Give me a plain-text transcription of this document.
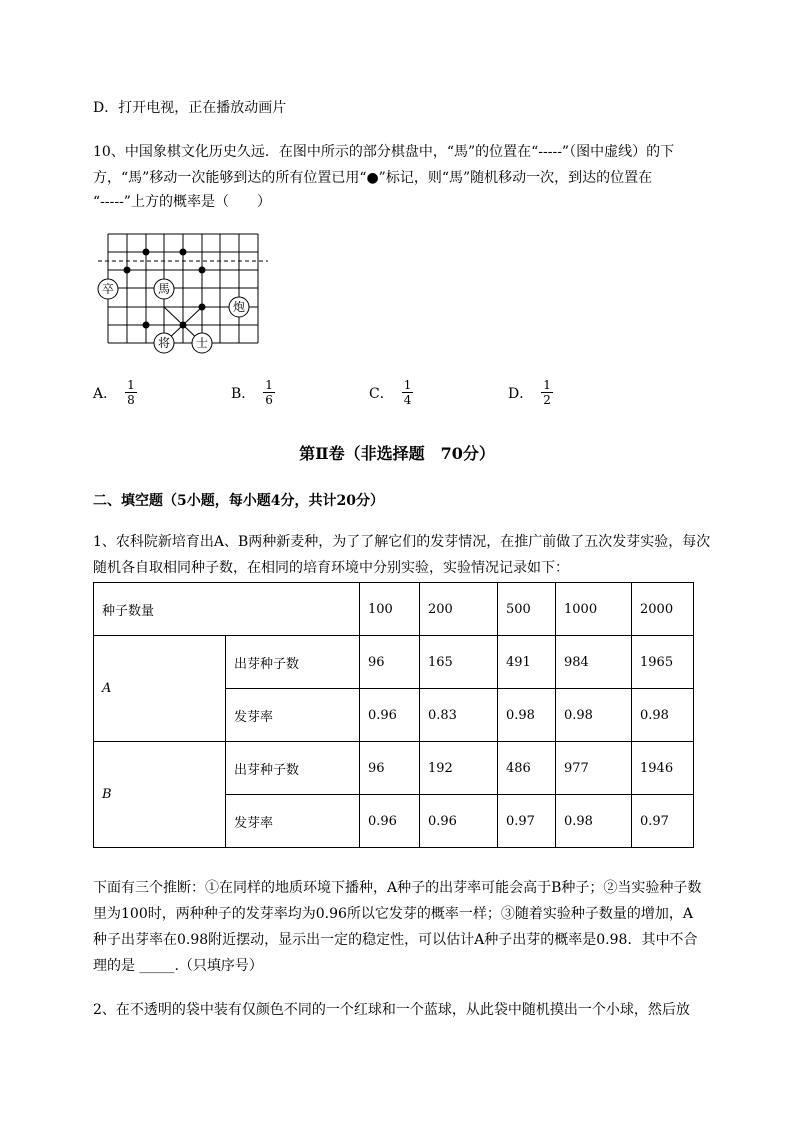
D．打开电视，正在播放动画片
10、中国象棋文化历史久远．在图中所示的部分棋盘中，“馬”的位置在“-----”（图中虚线）的下
方，“馬”移动一次能够到达的所有位置已用“●”标记，则“馬”随机移动一次，到达的位置在
“-----”上方的概率是（　　）
卒	馬
炮
将 士
A． $\frac{1}{8}$	B． $\frac{1}{6}$	C． $\frac{1}{4}$	D． $\frac{1}{2}$
第Ⅱ卷（非选择题　70分）
二、填空题（5小题，每小题4分，共计20分）
1、农科院新培育出A、B两种新麦种，为了了解它们的发芽情况，在推广前做了五次发芽实验，每次
随机各自取相同种子数，在相同的培育环境中分别实验，实验情况记录如下：
种子数量		100	200	500	1000	2000
A	出芽种子数	96	165	491	984	1965
	发芽率	0.96	0.83	0.98	0.98	0.98
B	出芽种子数	96	192	486	977	1946
	发芽率	0.96	0.96	0.97	0.98	0.97
下面有三个推断：①在同样的地质环境下播种，A种子的出芽率可能会高于B种子；②当实验种子数
里为100时，两种种子的发芽率均为0.96所以它发芽的概率一样；③随着实验种子数量的增加，A
种子出芽率在0.98附近摆动，显示出一定的稳定性，可以估计A种子出芽的概率是0.98．其中不合
理的是 _____.（只填序号）
2、在不透明的袋中装有仅颜色不同的一个红球和一个蓝球，从此袋中随机摸出一个小球，然后放
